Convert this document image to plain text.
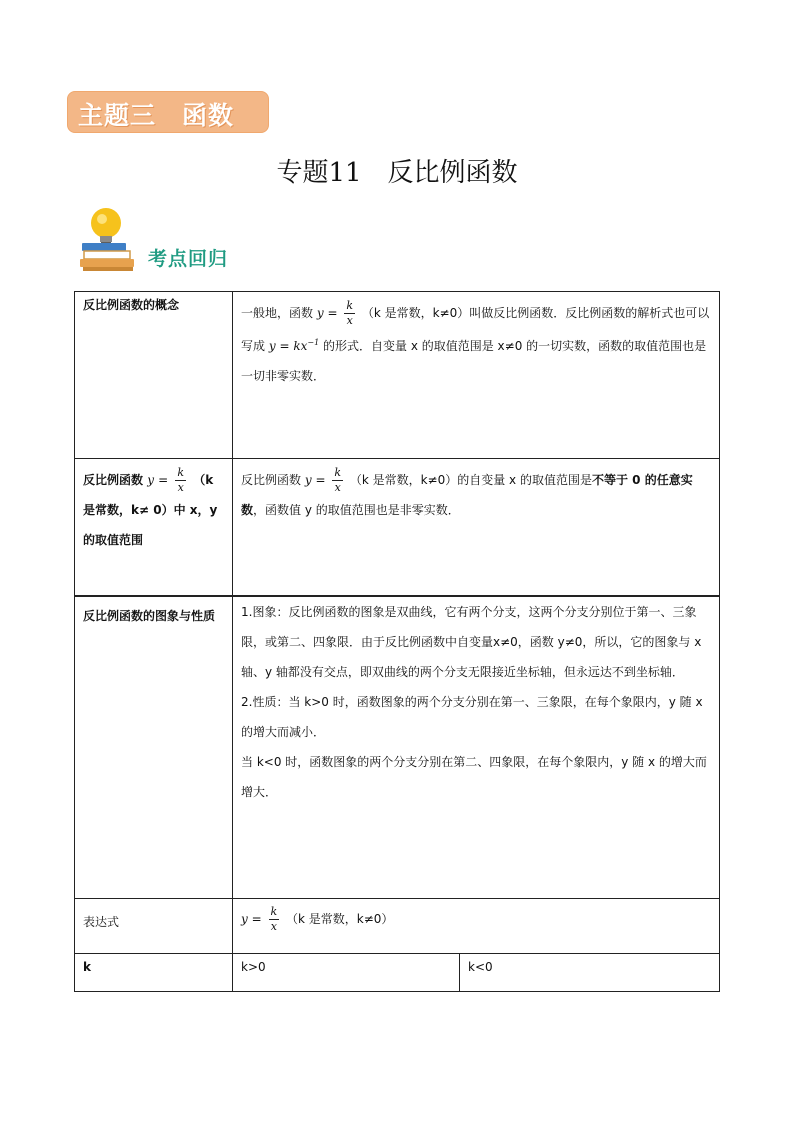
主题三　函数
专题11　反比例函数
考点回归
反比例函数的概念	一般地，函数 $y = \frac{k}{x} (k$ 是常数，k≠0）叫做反比例函数．反比例函数的解析式也可以写成 $y = kx^{-1}$ 的形式．自变量 x 的取值范围是 x≠0 的一切实数，函数的取值范围也是一切非零实数．

反比例函数 $y = \frac{k}{x} (k$ 是常数，k≠ 0）中 x，y 的取值范围	反比例函数 $y = \frac{k}{x} (k$ 是常数，k≠0）的自变量 x 的取值范围是不等于 0 的任意实数，函数值 y 的取值范围也是非零实数．
反比例函数的图象与性质	1.图象：反比例函数的图象是双曲线，它有两个分支，这两个分支分别位于第一、三象限，或第二、四象限．由于反比例函数中自变量x≠0，函数 y≠0，所以，它的图象与 x 轴、y 轴都没有交点，即双曲线的两个分支无限接近坐标轴，但永远达不到坐标轴．
2.性质：当 k>0 时，函数图象的两个分支分别在第一、三象限，在每个象限内，y 随 x 的增大而减小．
当 k<0 时，函数图象的两个分支分别在第二、四象限，在每个象限内，y 随 x 的增大而增大．	

表达式	$y = \frac{k}{x} (k$ 是常数，k≠0）	
k	k>0	k<0
